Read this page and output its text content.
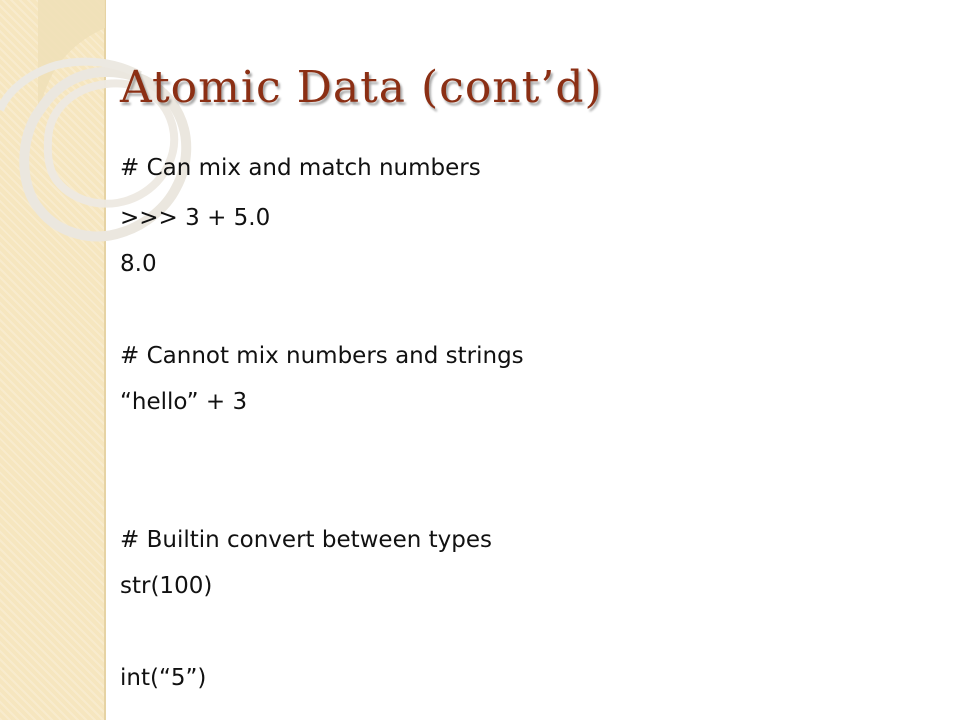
Atomic Data (cont’d)
# Can mix and match numbers
>>> 3 + 5.0
8.0
# Cannot mix numbers and strings
“hello” + 3
# Builtin convert between types
str(100)
int(“5”)
